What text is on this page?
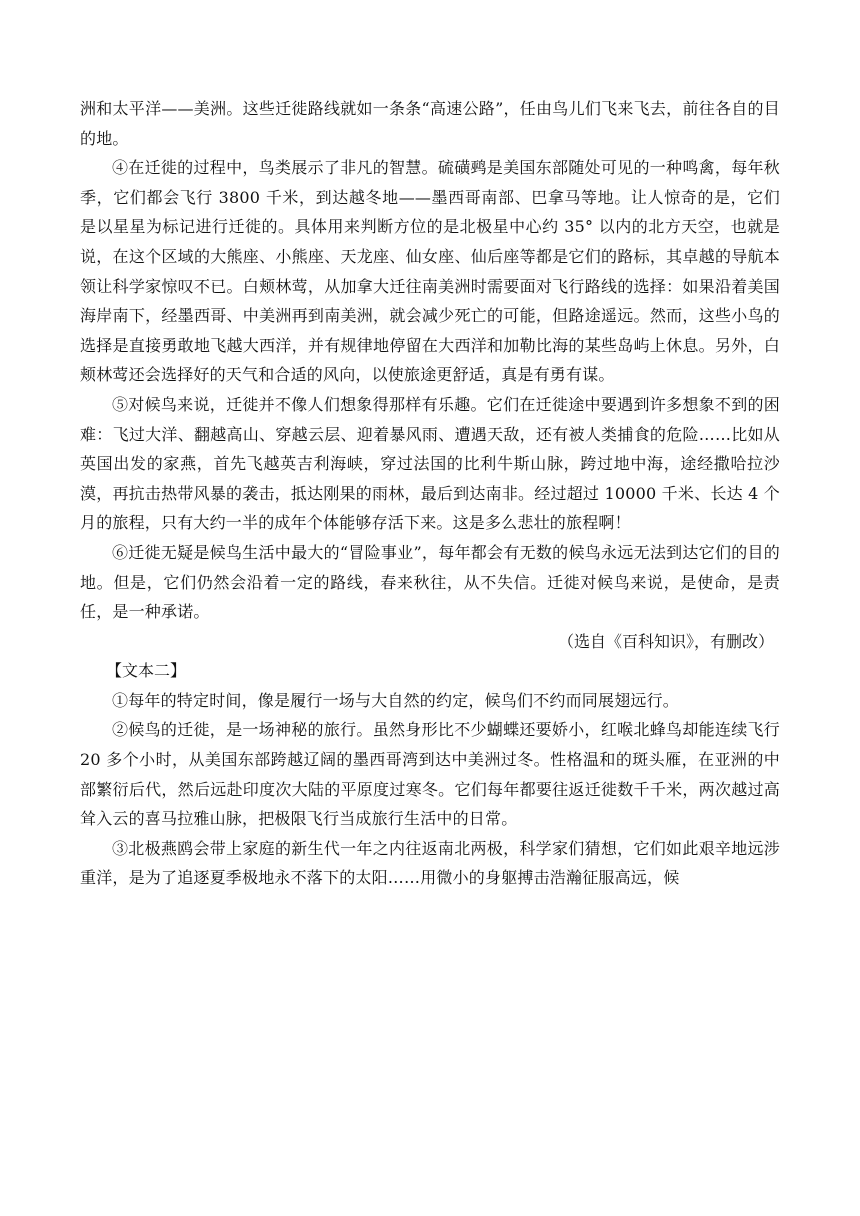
洲和太平洋——美洲。这些迁徙路线就如一条条“高速公路”，任由鸟儿们飞来飞去，前往各自的目的地。

④在迁徙的过程中，鸟类展示了非凡的智慧。硫磺鹀是美国东部随处可见的一种鸣禽，每年秋季，它们都会飞行 3800 千米，到达越冬地——墨西哥南部、巴拿马等地。让人惊奇的是，它们是以星星为标记进行迁徙的。具体用来判断方位的是北极星中心约 35° 以内的北方天空，也就是说，在这个区域的大熊座、小熊座、天龙座、仙女座、仙后座等都是它们的路标，其卓越的导航本领让科学家惊叹不已。白颊林莺，从加拿大迁往南美洲时需要面对飞行路线的选择：如果沿着美国海岸南下，经墨西哥、中美洲再到南美洲，就会减少死亡的可能，但路途遥远。然而，这些小鸟的选择是直接勇敢地飞越大西洋，并有规律地停留在大西洋和加勒比海的某些岛屿上休息。另外，白颊林莺还会选择好的天气和合适的风向，以使旅途更舒适，真是有勇有谋。

⑤对候鸟来说，迁徙并不像人们想象得那样有乐趣。它们在迁徙途中要遇到许多想象不到的困难：飞过大洋、翻越高山、穿越云层、迎着暴风雨、遭遇天敌，还有被人类捕食的危险……比如从英国出发的家燕，首先飞越英吉利海峡，穿过法国的比利牛斯山脉，跨过地中海，途经撒哈拉沙漠，再抗击热带风暴的袭击，抵达刚果的雨林，最后到达南非。经过超过 10000 千米、长达 4 个月的旅程，只有大约一半的成年个体能够存活下来。这是多么悲壮的旅程啊！

⑥迁徙无疑是候鸟生活中最大的“冒险事业”，每年都会有无数的候鸟永远无法到达它们的目的地。但是，它们仍然会沿着一定的路线，春来秋往，从不失信。迁徙对候鸟来说，是使命，是责任，是一种承诺。

（选自《百科知识》，有删改）

【文本二】

①每年的特定时间，像是履行一场与大自然的约定，候鸟们不约而同展翅远行。

②候鸟的迁徙，是一场神秘的旅行。虽然身形比不少蝴蝶还要娇小，红喉北蜂鸟却能连续飞行 20 多个小时，从美国东部跨越辽阔的墨西哥湾到达中美洲过冬。性格温和的斑头雁，在亚洲的中部繁衍后代，然后远赴印度次大陆的平原度过寒冬。它们每年都要往返迁徙数千千米，两次越过高耸入云的喜马拉雅山脉，把极限飞行当成旅行生活中的日常。

③北极燕鸥会带上家庭的新生代一年之内往返南北两极，科学家们猜想，它们如此艰辛地远涉重洋，是为了追逐夏季极地永不落下的太阳……用微小的身躯搏击浩瀚征服高远，候
